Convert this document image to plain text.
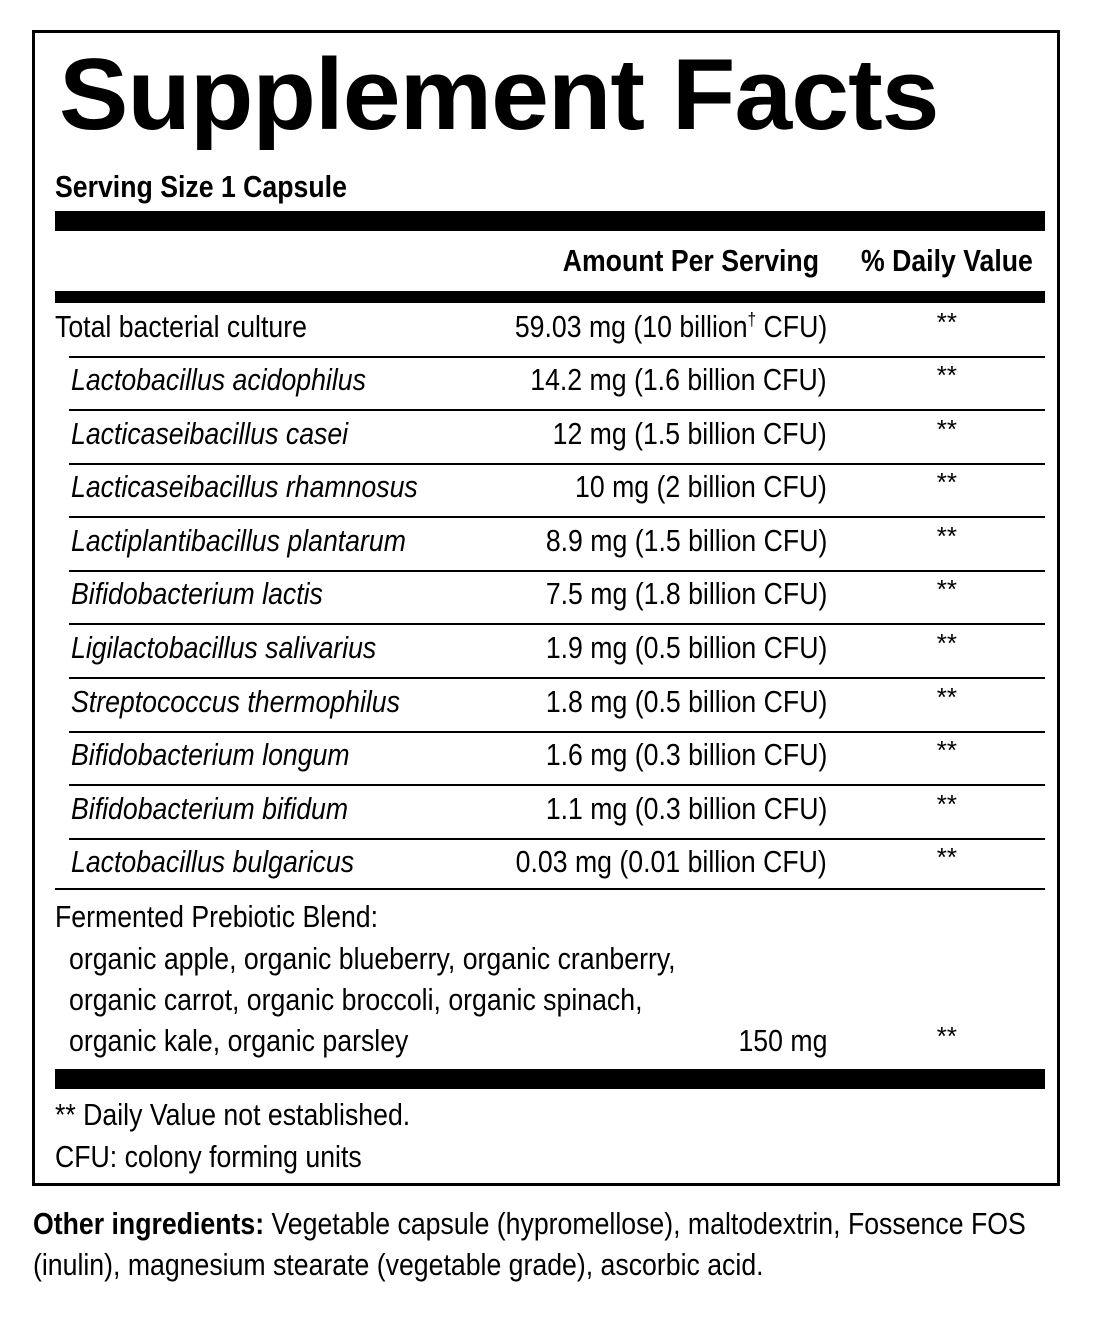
Supplement Facts
Serving Size 1 Capsule
Amount Per Serving % Daily Value
Total bacterial culture	59.03 mg (10 billion† CFU)	**
Lactobacillus acidophilus	14.2 mg (1.6 billion CFU)	**
Lacticaseibacillus casei	12 mg (1.5 billion CFU)	**
Lacticaseibacillus rhamnosus	10 mg (2 billion CFU)	**
Lactiplantibacillus plantarum	8.9 mg (1.5 billion CFU)	**
Bifidobacterium lactis	7.5 mg (1.8 billion CFU)	**
Ligilactobacillus salivarius	1.9 mg (0.5 billion CFU)	**
Streptococcus thermophilus	1.8 mg (0.5 billion CFU)	**
Bifidobacterium longum	1.6 mg (0.3 billion CFU)	**
Bifidobacterium bifidum	1.1 mg (0.3 billion CFU)	**
Lactobacillus bulgaricus	0.03 mg (0.01 billion CFU)	**
Fermented Prebiotic Blend:
organic apple, organic blueberry, organic cranberry,
organic carrot, organic broccoli, organic spinach,
organic kale, organic parsley	150 mg	**
** Daily Value not established.
CFU: colony forming units
Other ingredients: Vegetable capsule (hypromellose), maltodextrin, Fossence FOS (inulin), magnesium stearate (vegetable grade), ascorbic acid.
